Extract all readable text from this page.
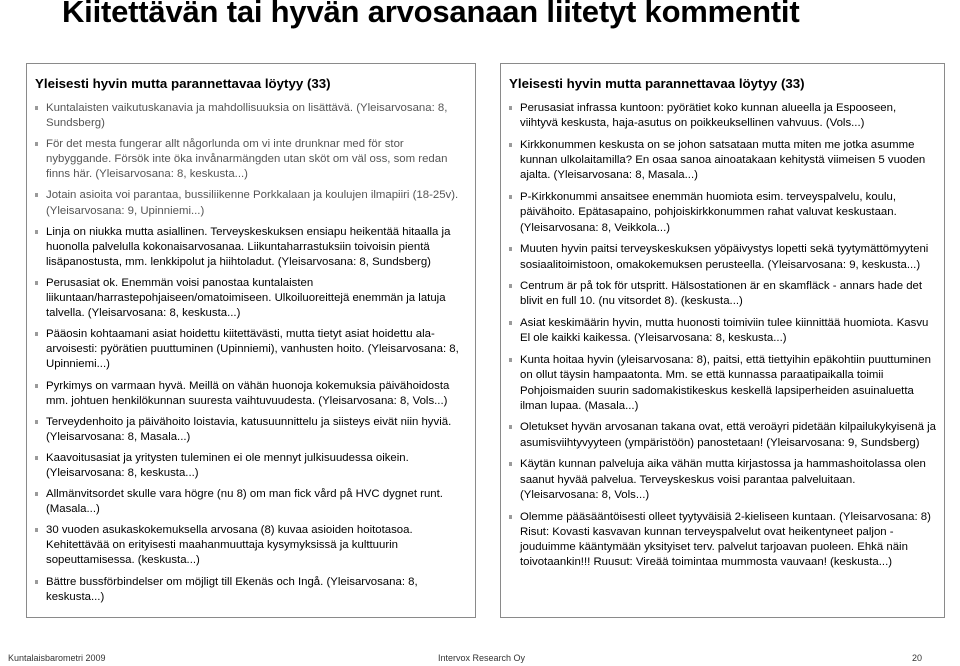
Kiitettävän tai hyvän arvosanaan liitetyt kommentit
Yleisesti hyvin mutta parannettavaa löytyy (33)
Kuntalaisten vaikutuskanavia ja mahdollisuuksia on lisättävä. (Yleisarvosana: 8, Sundsberg)
För det mesta fungerar allt någorlunda om vi inte drunknar med för stor nybyggande. Försök inte öka invånarmängden utan sköt om väl oss, som redan finns här. (Yleisarvosana: 8, keskusta...)
Jotain asioita voi parantaa, bussiliikenne Porkkalaan ja koulujen ilmapiiri (18-25v). (Yleisarvosana: 9, Upinniemi...)
Linja on niukka mutta asiallinen. Terveyskeskuksen ensiapu heikentää hitaalla ja huonolla palvelulla kokonaisarvosanaa. Liikuntaharrastuksiin toivoisin pientä lisäpanostusta, mm. lenkkipolut ja hiihtoladut. (Yleisarvosana: 8, Sundsberg)
Perusasiat ok. Enemmän voisi panostaa kuntalaisten liikuntaan/harrastepohjaiseen/omatoimiseen. Ulkoiluoreittejä enemmän ja latuja talvella. (Yleisarvosana: 8, keskusta...)
Pääosin kohtaamani asiat hoidettu kiitettävästi, mutta tietyt asiat hoidettu ala-arvoisesti: pyörätien puuttuminen (Upinniemi), vanhusten hoito. (Yleisarvosana: 8, Upinniemi...)
Pyrkimys on varmaan hyvä. Meillä on vähän huonoja kokemuksia päivähoidosta mm. johtuen henkilökunnan suuresta vaihtuvuudesta. (Yleisarvosana: 8, Vols...)
Terveydenhoito ja päivähoito loistavia, katusuunnittelu ja siisteys eivät niin hyviä. (Yleisarvosana: 8, Masala...)
Kaavoitusasiat ja yritysten tuleminen ei ole mennyt julkisuudessa oikein. (Yleisarvosana: 8, keskusta...)
Allmänvitsordet skulle vara högre (nu 8) om man fick vård på HVC dygnet runt. (Masala...)
30 vuoden asukaskokemuksella arvosana (8) kuvaa asioiden hoitotasoa. Kehitettävää on erityisesti maahanmuuttaja kysymyksissä ja kulttuurin sopeuttamisessa. (keskusta...)
Bättre bussförbindelser om möjligt till Ekenäs och Ingå. (Yleisarvosana: 8, keskusta...)
Yleisesti hyvin mutta parannettavaa löytyy (33)
Perusasiat infrassa kuntoon: pyörätiet koko kunnan alueella ja Espooseen, viihtyvä keskusta, haja-asutus on poikkeuksellinen vahvuus. (Vols...)
Kirkkonummen keskusta on se johon satsataan mutta miten me jotka asumme kunnan ulkolaitamilla? En osaa sanoa ainoatakaan kehitystä viimeisen 5 vuoden ajalta. (Yleisarvosana: 8, Masala...)
P-Kirkkonummi ansaitsee enemmän huomiota esim. terveyspalvelu, koulu, päivähoito. Epätasapaino, pohjoiskirkkonummen rahat valuvat keskustaan. (Yleisarvosana: 8, Veikkola...)
Muuten hyvin paitsi terveyskeskuksen yöpäivystys lopetti sekä tyytymättömyyteni sosiaalitoimistoon, omakokemuksen perusteella. (Yleisarvosana: 9, keskusta...)
Centrum är på tok för utspritt. Hälsostationen är en skamfläck - annars hade det blivit en full 10. (nu vitsordet 8). (keskusta...)
Asiat keskimäärin hyvin, mutta huonosti toimiviin tulee kiinnittää huomiota. Kasvu El ole kaikki kaikessa. (Yleisarvosana: 8, keskusta...)
Kunta hoitaa hyvin (yleisarvosana: 8), paitsi, että tiettyihin epäkohtiin puuttuminen on ollut täysin hampaatonta. Mm. se että kunnassa paraatipaikalla toimii Pohjoismaiden suurin sadomakistikeskus keskellä lapsiperheiden asuinaluetta ilman lupaa. (Masala...)
Oletukset hyvän arvosanan takana ovat, että veroäyri pidetään kilpailukykyisenä ja asumisviihtyvyyteen (ympäristöön) panostetaan! (Yleisarvosana: 9, Sundsberg)
Käytän kunnan palveluja aika vähän mutta kirjastossa ja hammashoitolassa olen saanut hyvää palvelua. Terveyskeskus voisi parantaa palveluitaan. (Yleisarvosana: 8, Vols...)
Olemme pääsääntöisesti olleet tyytyväisiä 2-kieliseen kuntaan. (Yleisarvosana: 8) Risut: Kovasti kasvavan kunnan terveyspalvelut ovat heikentyneet paljon - jouduimme kääntymään yksityiset terv. palvelut tarjoavan puoleen. Ehkä näin toivotaankin!!! Ruusut: Vireää toimintaa mummosta vauvaan! (keskusta...)
Kuntalaisbarometri 2009	Intervox Research Oy	20
